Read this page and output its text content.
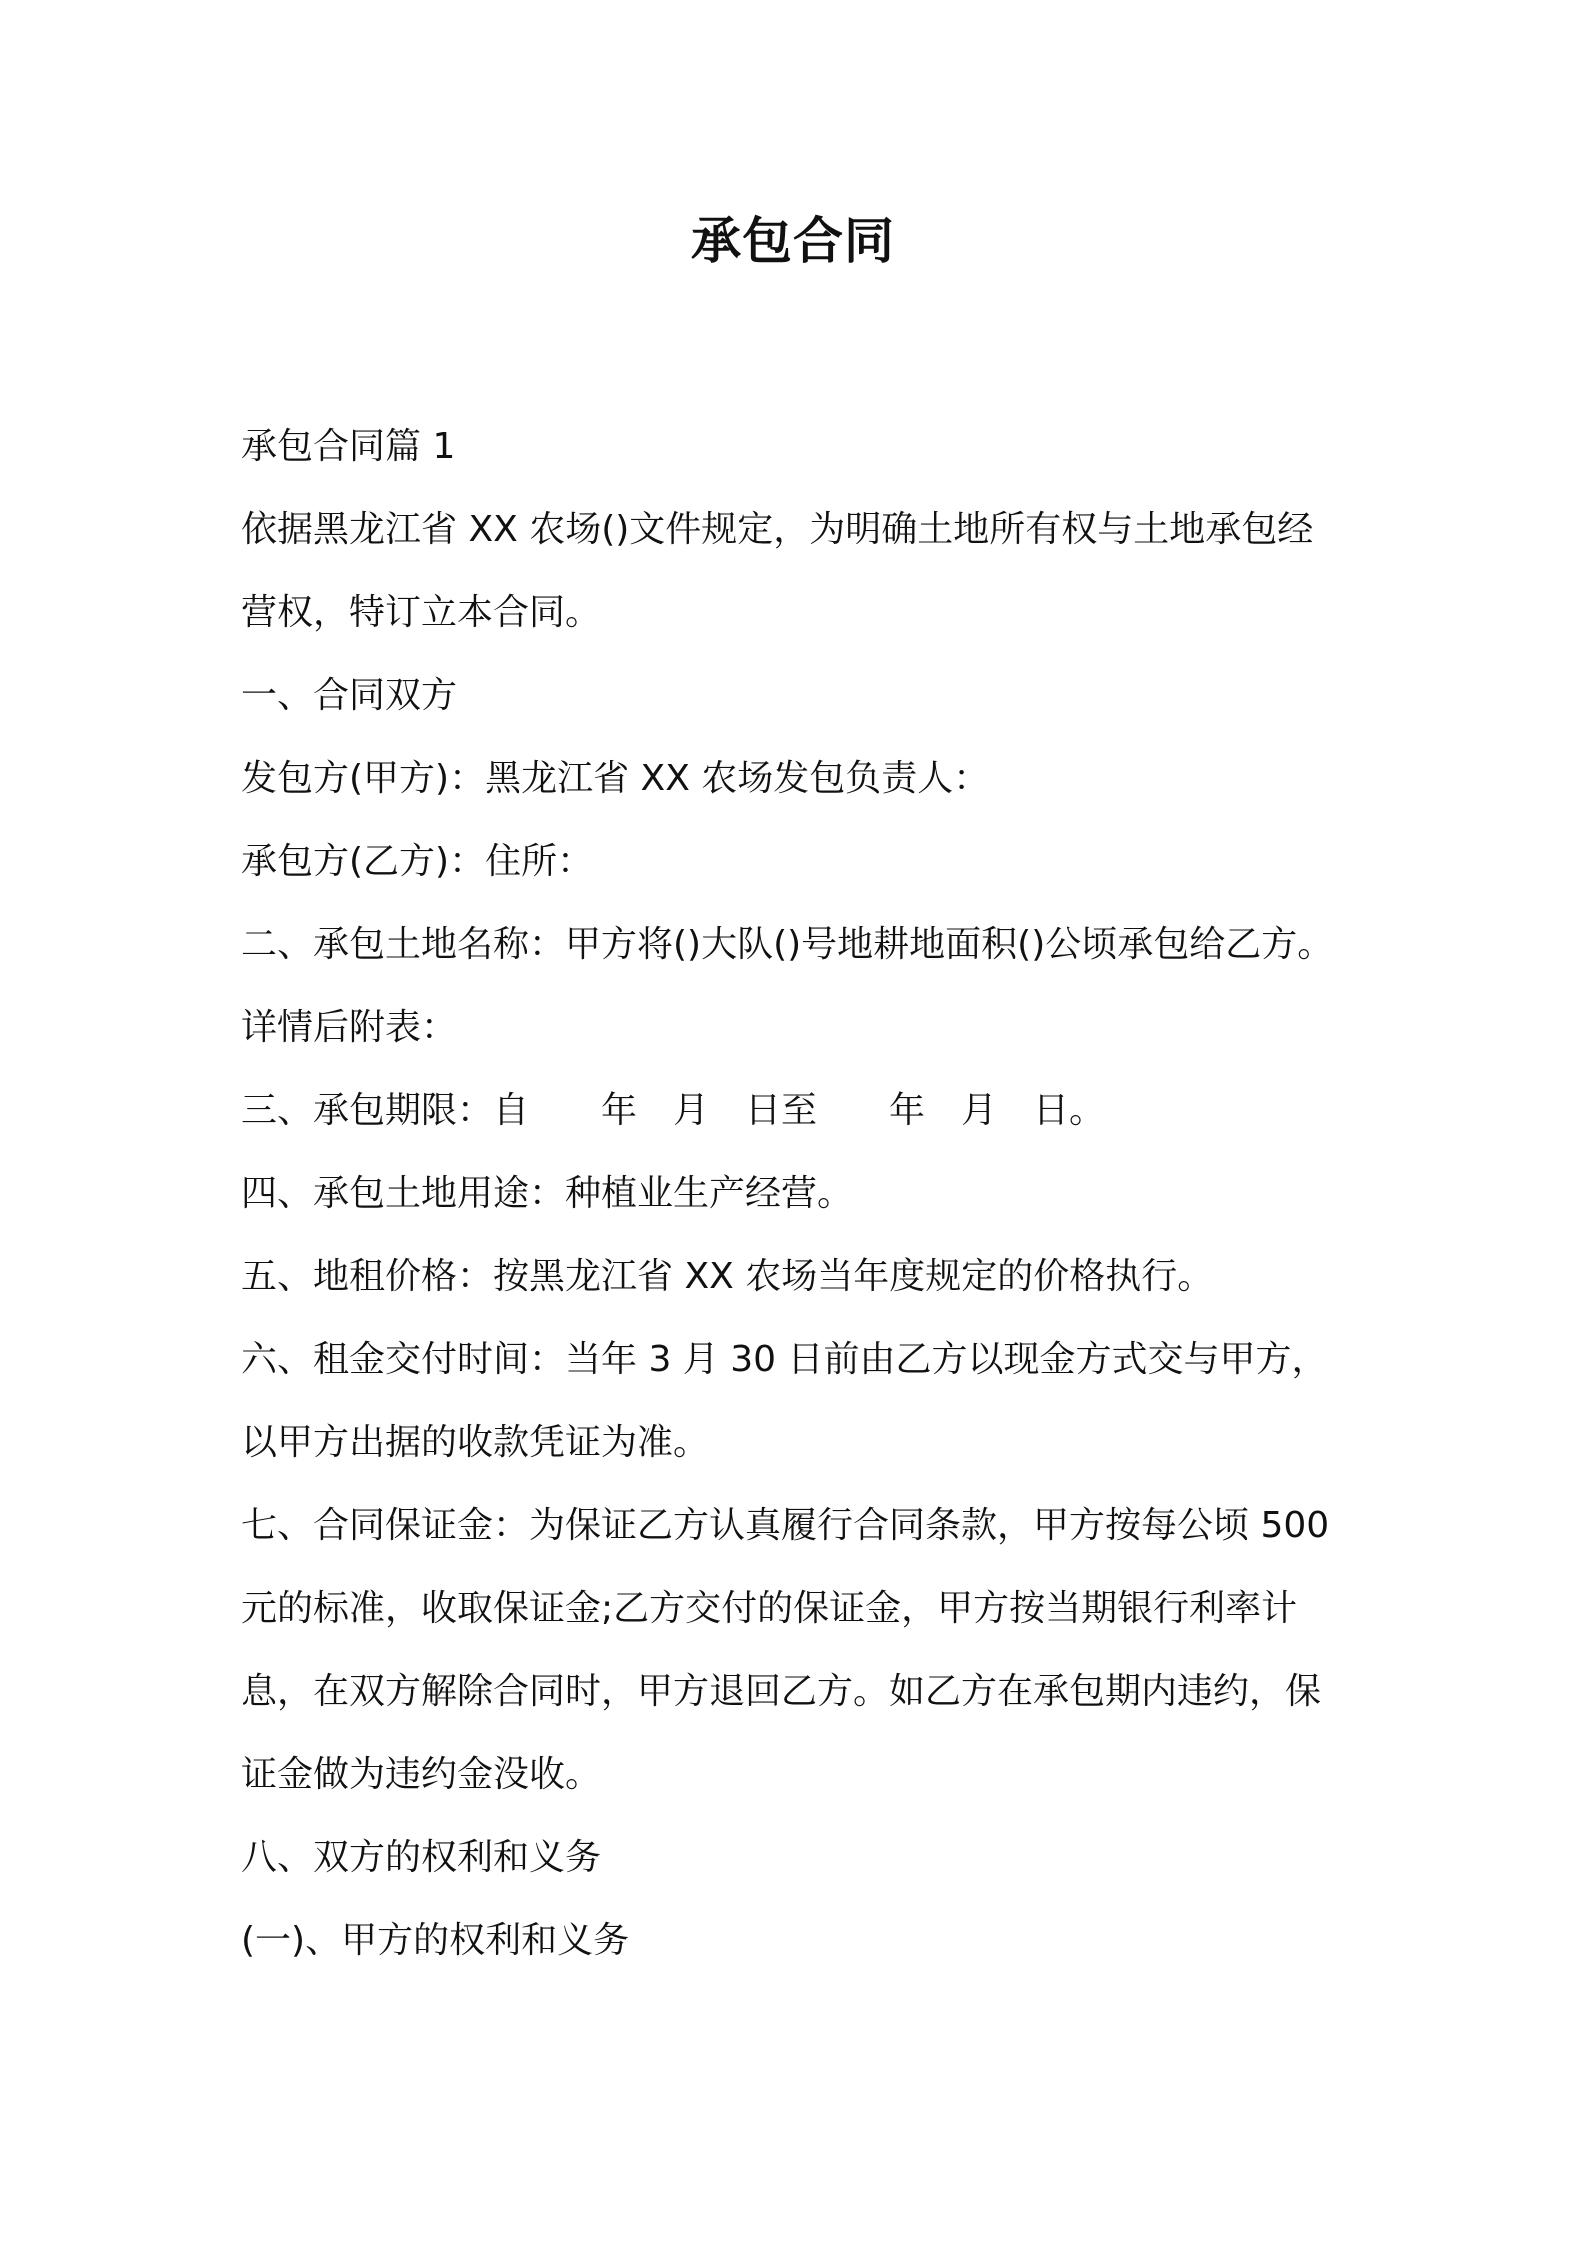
承包合同
承包合同篇 1
依据黑龙江省 XX 农场()文件规定，为明确土地所有权与土地承包经
营权，特订立本合同。
一、合同双方
发包方(甲方)：黑龙江省 XX 农场发包负责人：
承包方(乙方)：住所：
二、承包土地名称：甲方将()大队()号地耕地面积()公顷承包给乙方。
详情后附表：
三、承包期限：自　　年　月　日至　　年　月　日。
四、承包土地用途：种植业生产经营。
五、地租价格：按黑龙江省 XX 农场当年度规定的价格执行。
六、租金交付时间：当年 3 月 30 日前由乙方以现金方式交与甲方，
以甲方出据的收款凭证为准。
七、合同保证金：为保证乙方认真履行合同条款，甲方按每公顷 500
元的标准，收取保证金;乙方交付的保证金，甲方按当期银行利率计
息，在双方解除合同时，甲方退回乙方。如乙方在承包期内违约，保
证金做为违约金没收。
八、双方的权利和义务
(一)、甲方的权利和义务
